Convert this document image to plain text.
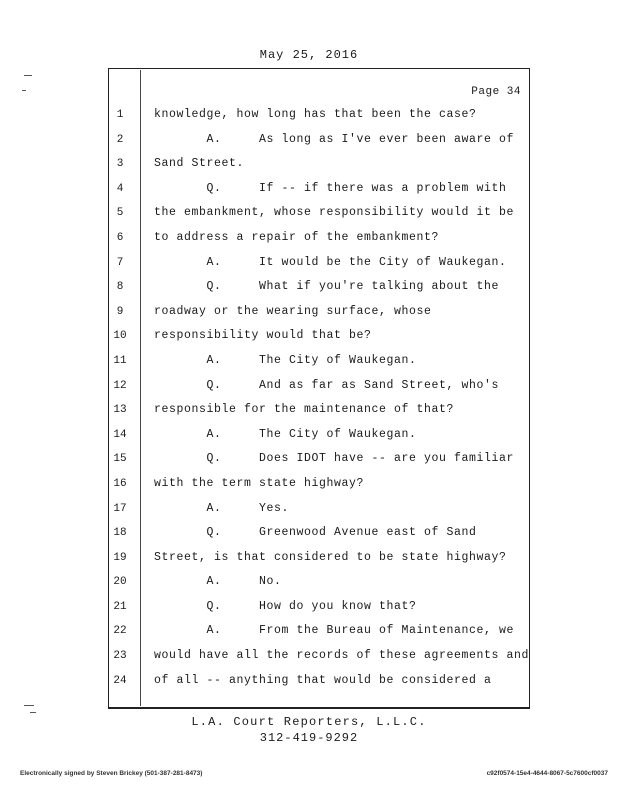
May 25, 2016
Page 34
1	knowledge, how long has that been the case?
2	A.     As long as I've ever been aware of
3	Sand Street.
4	Q.     If -- if there was a problem with
5	the embankment, whose responsibility would it be
6	to address a repair of the embankment?
7	A.     It would be the City of Waukegan.
8	Q.     What if you're talking about the
9	roadway or the wearing surface, whose
10	responsibility would that be?
11	A.     The City of Waukegan.
12	Q.     And as far as Sand Street, who's
13	responsible for the maintenance of that?
14	A.     The City of Waukegan.
15	Q.     Does IDOT have -- are you familiar
16	with the term state highway?
17	A.     Yes.
18	Q.     Greenwood Avenue east of Sand
19	Street, is that considered to be state highway?
20	A.     No.
21	Q.     How do you know that?
22	A.     From the Bureau of Maintenance, we
23	would have all the records of these agreements and
24	of all -- anything that would be considered a
L.A. Court Reporters, L.L.C.
312-419-9292
Electronically signed by Steven Brickey (501-387-281-8473)	c92f0574-15e4-4644-8067-5c7600cf0037
